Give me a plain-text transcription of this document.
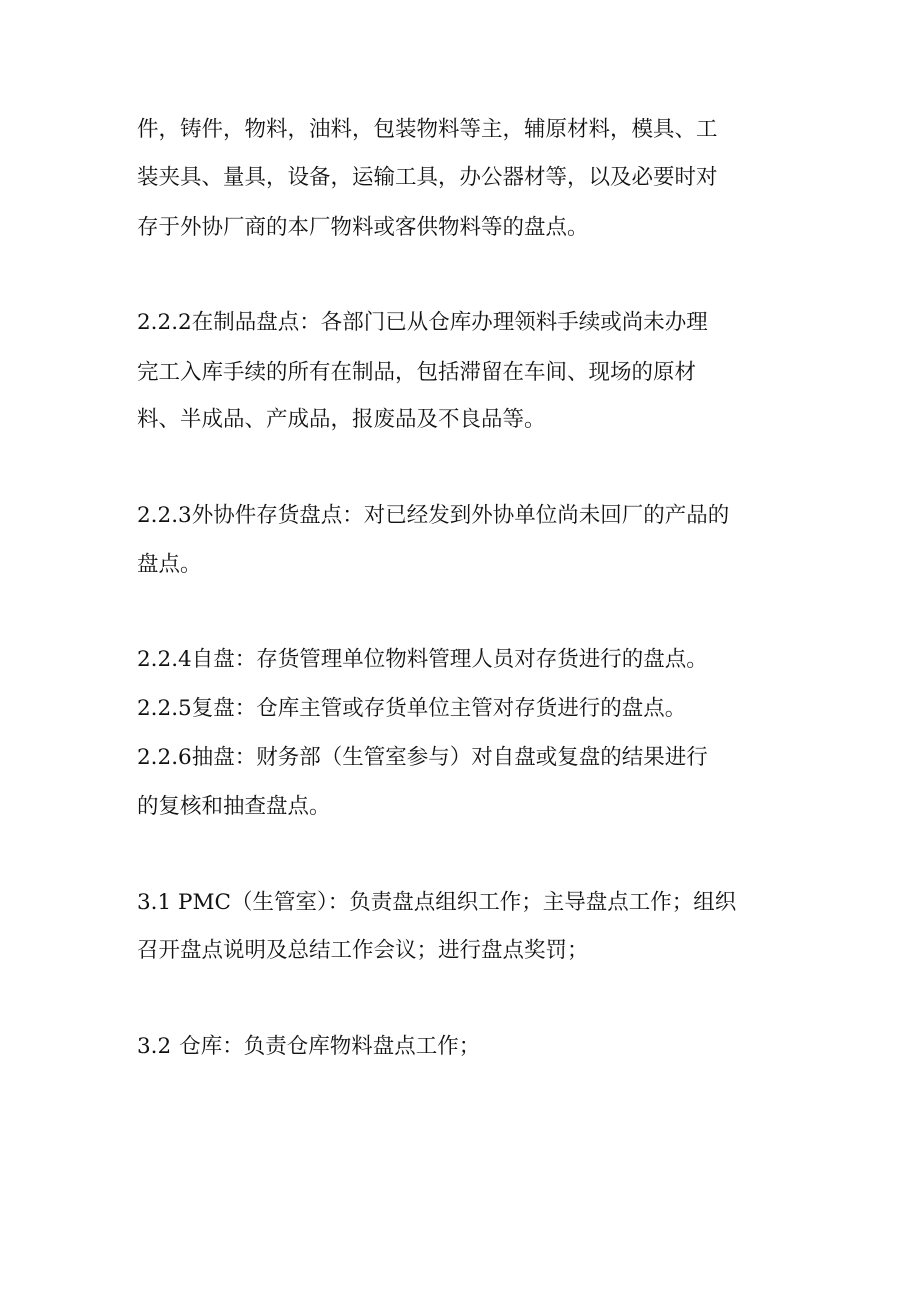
件，铸件，物料，油料，包装物料等主，辅原材料，模具、工

装夹具、量具，设备，运输工具，办公器材等，以及必要时对

存于外协厂商的本厂物料或客供物料等的盘点。

2.2.2在制品盘点：各部门已从仓库办理领料手续或尚未办理

完工入库手续的所有在制品，包括滞留在车间、现场的原材

料、半成品、产成品，报废品及不良品等。

2.2.3外协件存货盘点：对已经发到外协单位尚未回厂的产品的

盘点。

2.2.4自盘：存货管理单位物料管理人员对存货进行的盘点。

2.2.5复盘：仓库主管或存货单位主管对存货进行的盘点。

2.2.6抽盘：财务部（生管室参与）对自盘或复盘的结果进行

的复核和抽查盘点。

3.1 PMC（生管室）：负责盘点组织工作；主导盘点工作；组织

召开盘点说明及总结工作会议；进行盘点奖罚；

3.2 仓库：负责仓库物料盘点工作；
